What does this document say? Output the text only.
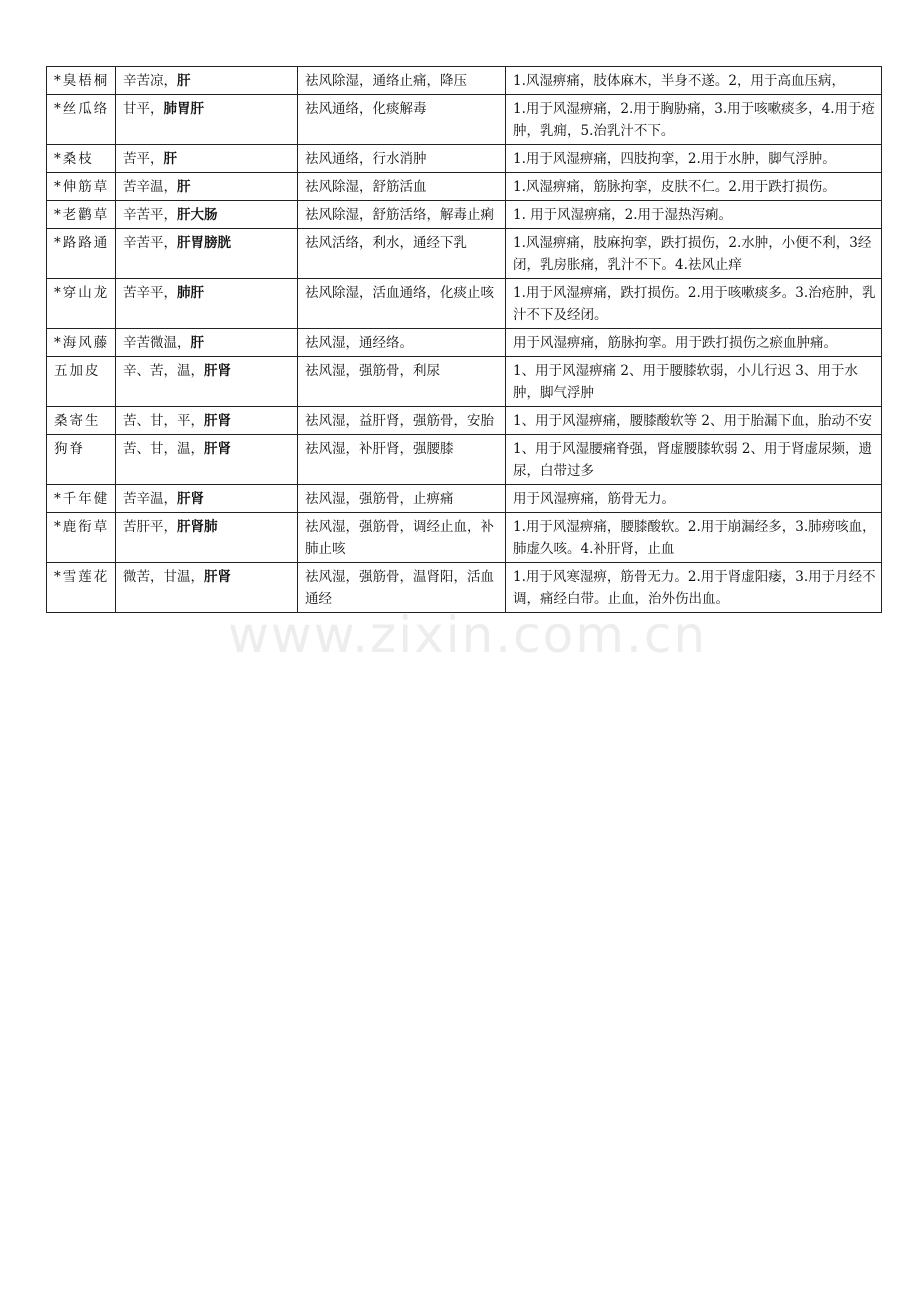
*臭梧桐	辛苦凉，肝	祛风除湿，通络止痛，降压	1.风湿痹痛，肢体麻木，半身不遂。2，用于高血压病，
*丝瓜络	甘平，肺胃肝	祛风通络，化痰解毒	1.用于风湿痹痛，2.用于胸胁痛，3.用于咳嗽痰多，4.用于疮肿，乳痈，5.治乳汁不下。
*桑枝	苦平，肝	祛风通络，行水消肿	1.用于风湿痹痛，四肢拘挛，2.用于水肿，脚气浮肿。
*伸筋草	苦辛温，肝	祛风除湿，舒筋活血	1.风湿痹痛，筋脉拘挛，皮肤不仁。2.用于跌打损伤。
*老鹳草	辛苦平，肝大肠	祛风除湿，舒筋活络，解毒止痢	1. 用于风湿痹痛，2.用于湿热泻痢。
*路路通	辛苦平，肝胃膀胱	祛风活络，利水，通经下乳	1.风湿痹痛，肢麻拘挛，跌打损伤，2.水肿，小便不利，3经闭，乳房胀痛，乳汁不下。4.祛风止痒
*穿山龙	苦辛平，肺肝	祛风除湿，活血通络，化痰止咳	1.用于风湿痹痛，跌打损伤。2.用于咳嗽痰多。3.治疮肿，乳汁不下及经闭。
*海风藤	辛苦微温，肝	祛风湿，通经络。	用于风湿痹痛，筋脉拘挛。用于跌打损伤之瘀血肿痛。
五加皮	辛、苦，温，肝肾	祛风湿，强筋骨，利尿	1、用于风湿痹痛 2、用于腰膝软弱，小儿行迟 3、用于水肿，脚气浮肿
桑寄生	苦、甘，平，肝肾	祛风湿，益肝肾，强筋骨，安胎	1、用于风湿痹痛，腰膝酸软等 2、用于胎漏下血，胎动不安
狗脊	苦、甘，温，肝肾	祛风湿，补肝肾，强腰膝	1、用于风湿腰痛脊强，肾虚腰膝软弱 2、用于肾虚尿频，遗尿，白带过多
*千年健	苦辛温，肝肾	祛风湿，强筋骨，止痹痛	用于风湿痹痛，筋骨无力。
*鹿衔草	苦肝平，肝肾肺	祛风湿，强筋骨，调经止血，补肺止咳	1.用于风湿痹痛，腰膝酸软。2.用于崩漏经多，3.肺痨咳血，肺虚久咳。4.补肝肾，止血
*雪莲花	微苦，甘温，肝肾	祛风湿，强筋骨，温肾阳，活血通经	1.用于风寒湿痹，筋骨无力。2.用于肾虚阳痿，3.用于月经不调，痛经白带。止血，治外伤出血。
www.zixin.com.cn
